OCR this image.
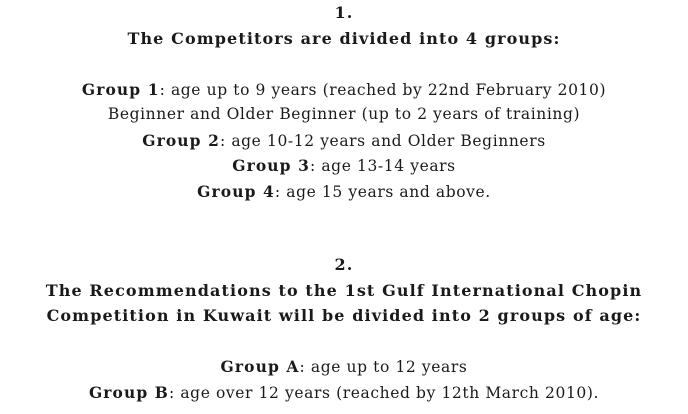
1.
The Competitors are divided into 4 groups:
Group 1: age up to 9 years (reached by 22nd February 2010)
Beginner and Older Beginner (up to 2 years of training)
Group 2: age 10-12 years and Older Beginners
Group 3: age 13-14 years
Group 4: age 15 years and above.
2.
The Recommendations to the 1st Gulf International Chopin
Competition in Kuwait will be divided into 2 groups of age:
Group A: age up to 12 years
Group B: age over 12 years (reached by 12th March 2010).
